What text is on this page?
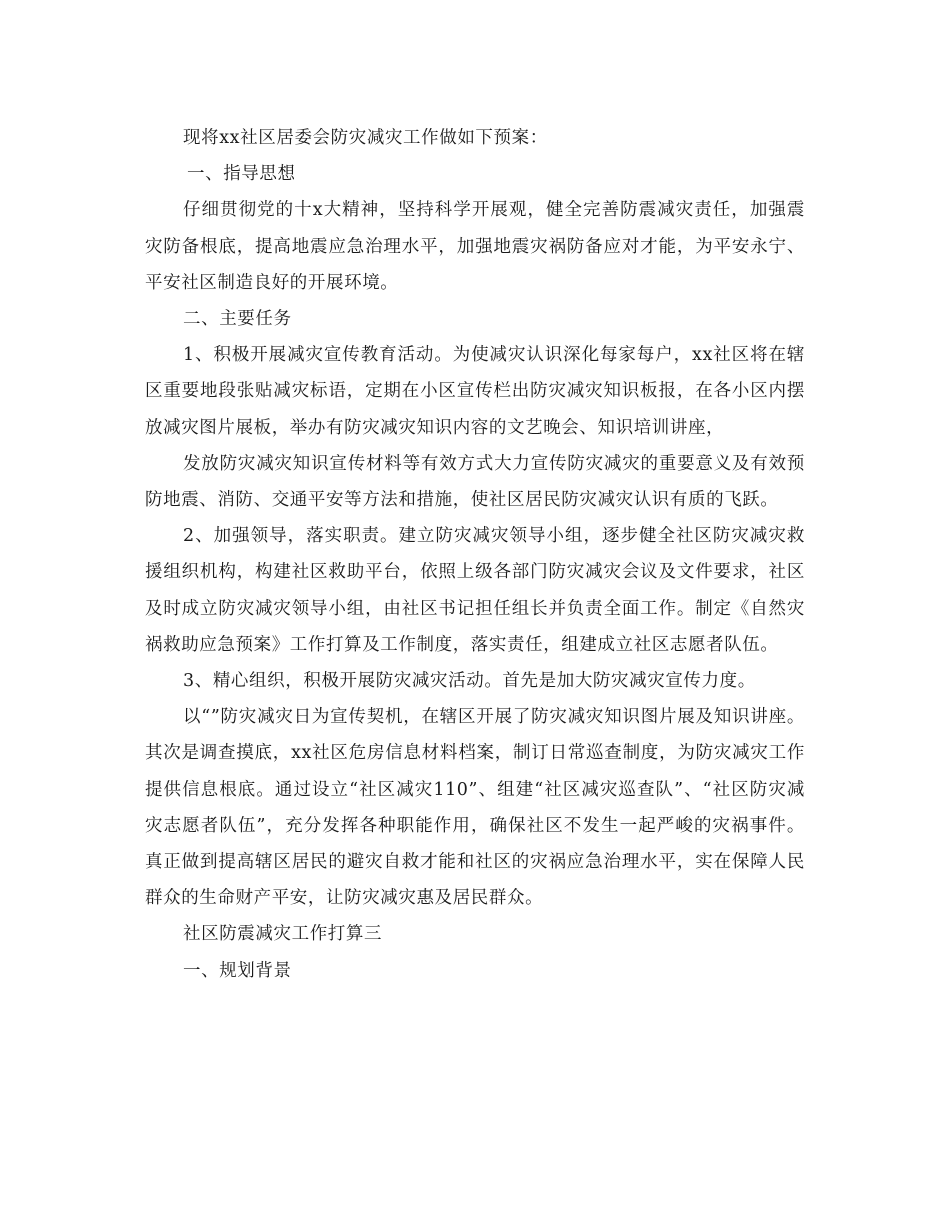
现将xx社区居委会防灾减灾工作做如下预案：

一、指导思想

仔细贯彻党的十x大精神，坚持科学开展观，健全完善防震减灾责任，加强震灾防备根底，提高地震应急治理水平，加强地震灾祸防备应对才能，为平安永宁、平安社区制造良好的开展环境。

二、主要任务

1、积极开展减灾宣传教育活动。为使减灾认识深化每家每户，xx社区将在辖区重要地段张贴减灾标语，定期在小区宣传栏出防灾减灾知识板报，在各小区内摆放减灾图片展板，举办有防灾减灾知识内容的文艺晚会、知识培训讲座，

发放防灾减灾知识宣传材料等有效方式大力宣传防灾减灾的重要意义及有效预防地震、消防、交通平安等方法和措施，使社区居民防灾减灾认识有质的飞跃。

2、加强领导，落实职责。建立防灾减灾领导小组，逐步健全社区防灾减灾救援组织机构，构建社区救助平台，依照上级各部门防灾减灾会议及文件要求，社区及时成立防灾减灾领导小组，由社区书记担任组长并负责全面工作。制定《自然灾祸救助应急预案》工作打算及工作制度，落实责任，组建成立社区志愿者队伍。

3、精心组织，积极开展防灾减灾活动。首先是加大防灾减灾宣传力度。

以“”防灾减灾日为宣传契机，在辖区开展了防灾减灾知识图片展及知识讲座。其次是调查摸底，xx社区危房信息材料档案，制订日常巡查制度，为防灾减灾工作提供信息根底。通过设立“社区减灾110”、组建“社区减灾巡查队”、“社区防灾减灾志愿者队伍”，充分发挥各种职能作用，确保社区不发生一起严峻的灾祸事件。真正做到提高辖区居民的避灾自救才能和社区的灾祸应急治理水平，实在保障人民群众的生命财产平安，让防灾减灾惠及居民群众。

社区防震减灾工作打算三

一、规划背景
